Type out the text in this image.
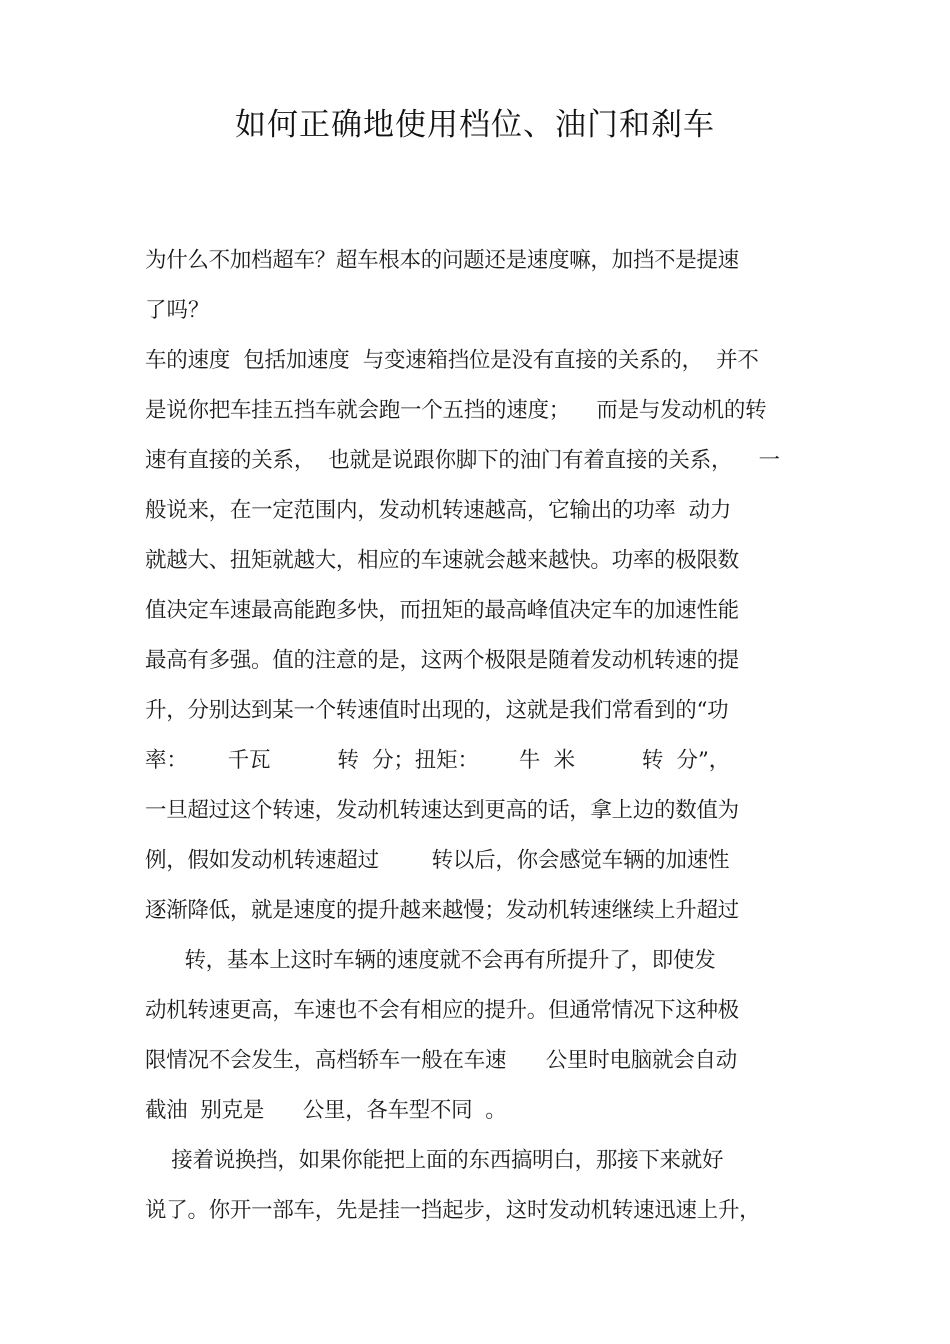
如何正确地使用档位、油门和刹车
为什么不加档超车？超车根本的问题还是速度嘛，加挡不是提速
了吗？
车的速度  包括加速度  与变速箱挡位是没有直接的关系的，  并不
是说你把车挂五挡车就会跑一个五挡的速度；    而是与发动机的转
速有直接的关系，  也就是说跟你脚下的油门有着直接的关系，    一
般说来，在一定范围内，发动机转速越高，它输出的功率  动力
就越大、扭矩就越大，相应的车速就会越来越快。功率的极限数
值决定车速最高能跑多快，而扭矩的最高峰值决定车的加速性能
最高有多强。值的注意的是，这两个极限是随着发动机转速的提
升，分别达到某一个转速值时出现的，这就是我们常看到的“功
率：      千瓦          转  分；扭矩：      牛  米          转  分”，
一旦超过这个转速，发动机转速达到更高的话，拿上边的数值为
例，假如发动机转速超过        转以后，你会感觉车辆的加速性
逐渐降低，就是速度的提升越来越慢；发动机转速继续上升超过
转，基本上这时车辆的速度就不会再有所提升了，即使发
动机转速更高，车速也不会有相应的提升。但通常情况下这种极
限情况不会发生，高档轿车一般在车速      公里时电脑就会自动
截油  别克是      公里，各车型不同  。
接着说换挡，如果你能把上面的东西搞明白，那接下来就好
说了。你开一部车，先是挂一挡起步，这时发动机转速迅速上升，
